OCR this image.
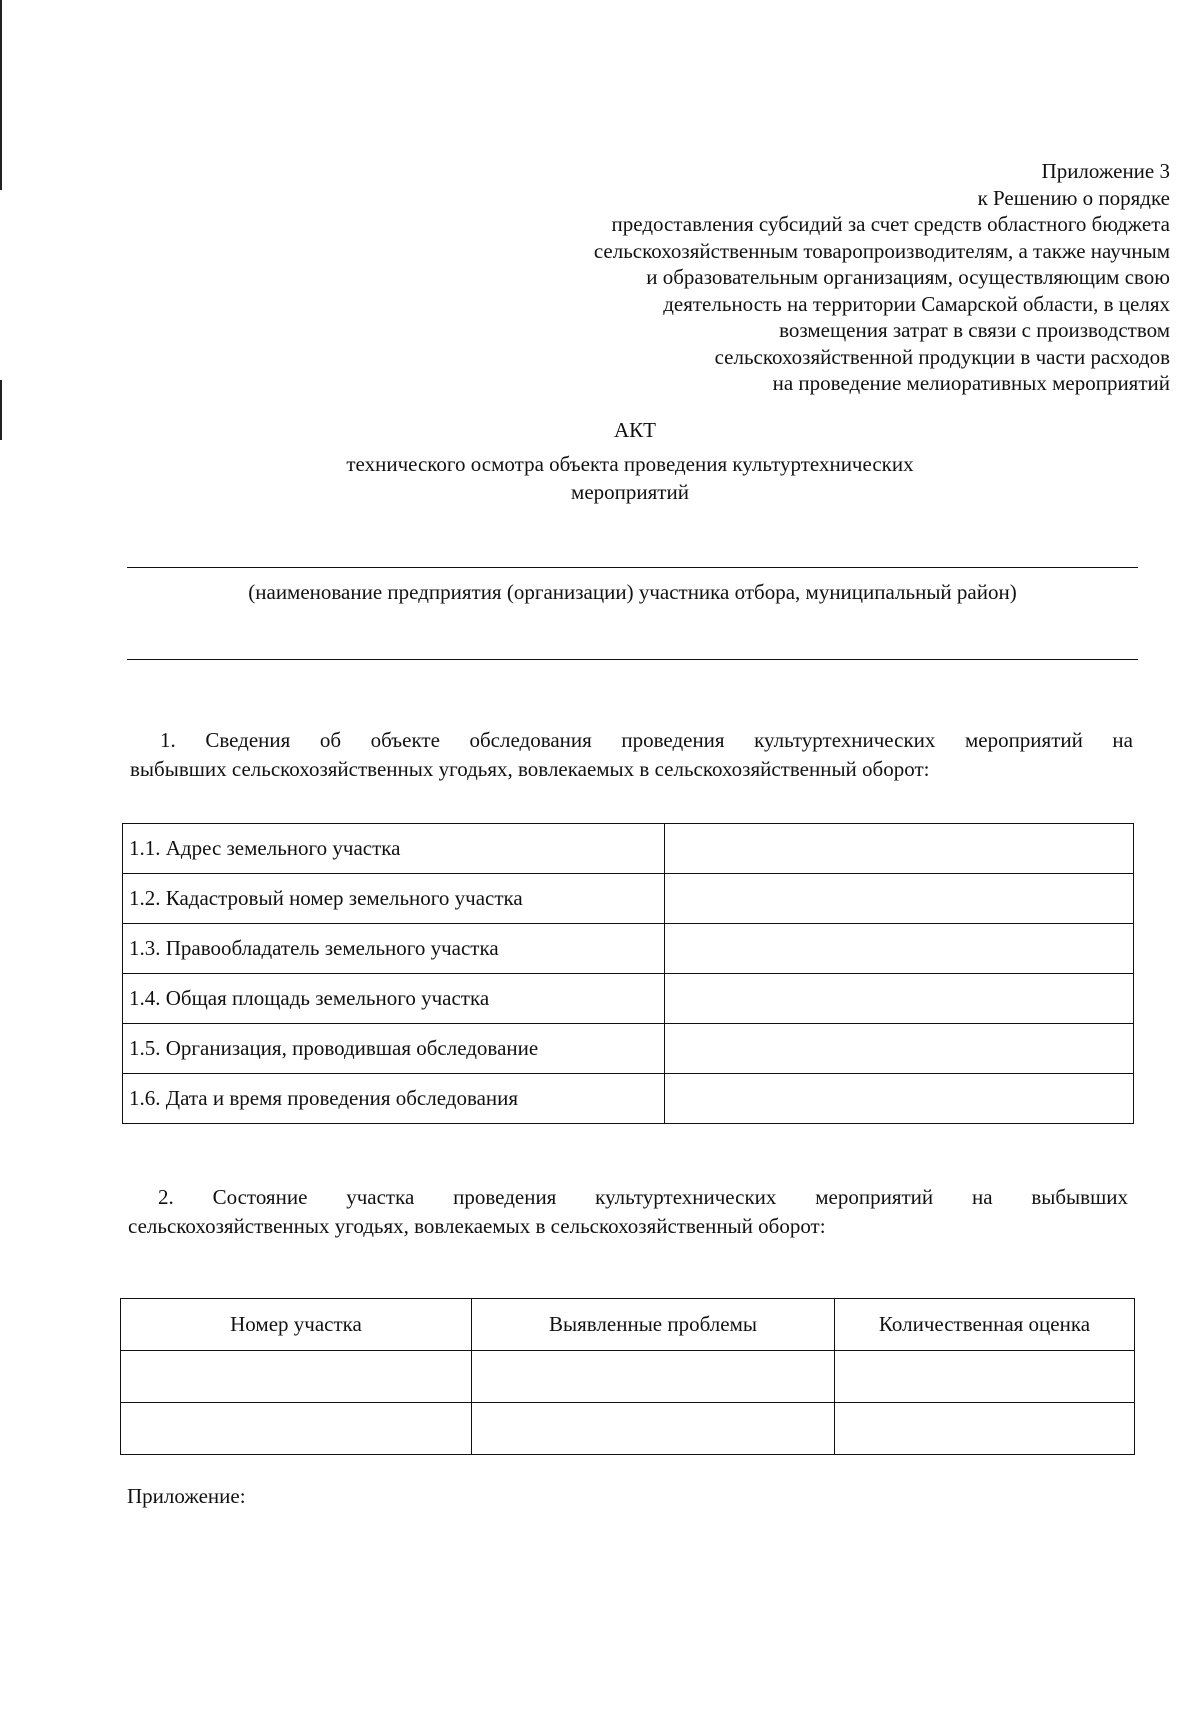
Приложение 3
к Решению о порядке
предоставления субсидий за счет средств областного бюджета
сельскохозяйственным товаропроизводителям, а также научным
и образовательным организациям, осуществляющим свою
деятельность на территории Самарской области, в целях
возмещения затрат в связи с производством
сельскохозяйственной продукции в части расходов
на проведение мелиоративных мероприятий
АКТ
технического осмотра объекта проведения культуртехнических
мероприятий
(наименование предприятия (организации) участника отбора, муниципальный район)
1. Сведения об объекте обследования проведения культуртехнических мероприятий на
выбывших сельскохозяйственных угодьях, вовлекаемых в сельскохозяйственный оборот:
1.1. Адрес земельного участка	
1.2. Кадастровый номер земельного участка	
1.3. Правообладатель земельного участка	
1.4. Общая площадь земельного участка	
1.5. Организация, проводившая обследование	
1.6. Дата и время проведения обследования	
2. Состояние участка проведения культуртехнических мероприятий на выбывших
сельскохозяйственных угодьях, вовлекаемых в сельскохозяйственный оборот:
Номер участка	Выявленные проблемы	Количественная оценка

Приложение:
